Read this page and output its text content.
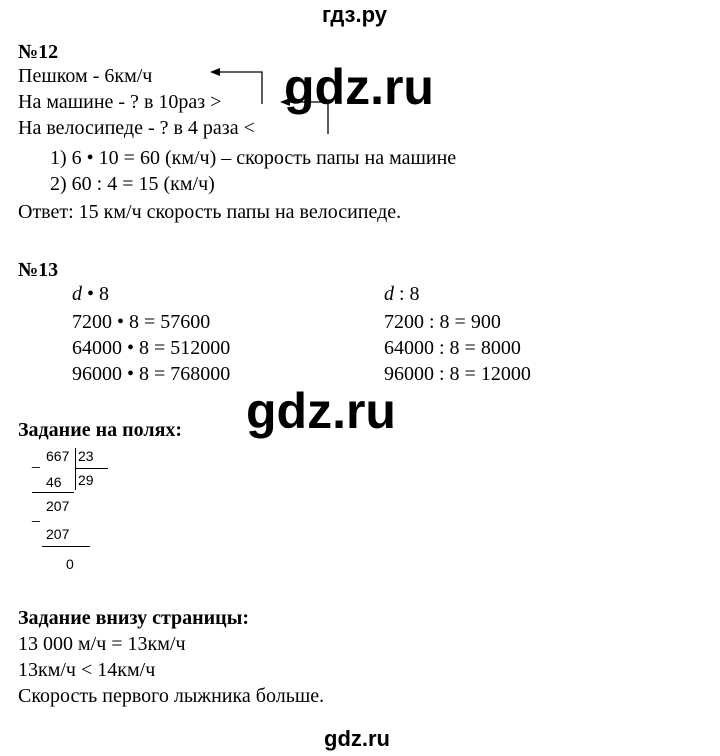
гдз.ру
№12
Пешком - 6км/ч
На машине - ? в 10раз >
На велосипеде - ? в 4 раза <
1) 6 • 10 = 60 (км/ч) – скорость папы на машине
2) 60 : 4 = 15 (км/ч)
Ответ: 15 км/ч скорость папы на велосипеде.
gdz.ru
№13
d • 8
7200 • 8 = 57600
64000 • 8 = 512000
96000 • 8 = 768000
d : 8
7200 : 8 = 900
64000 : 8 = 8000
96000 : 8 = 12000
gdz.ru
Задание на полях:
_ 667 23
29
46
_ 207
207
0
Задание внизу страницы:
13 000 м/ч = 13км/ч
13км/ч < 14км/ч
Скорость первого лыжника больше.
gdz.ru
